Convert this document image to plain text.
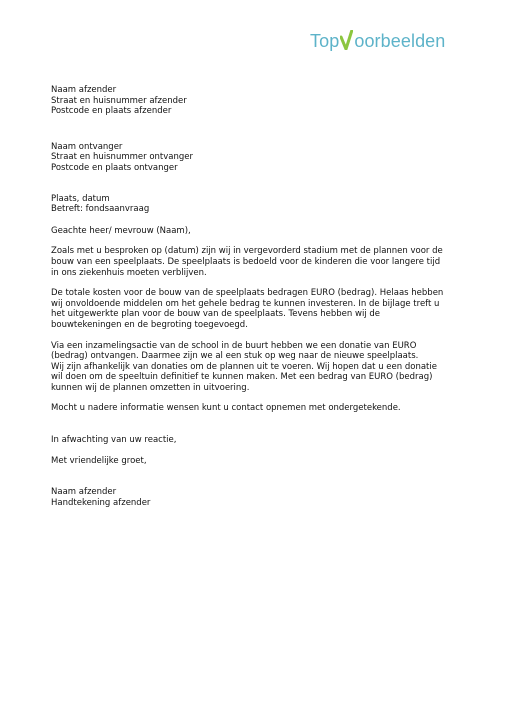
Top oorbeelden

Naam afzender

Straat en huisnummer afzender

Postcode en plaats afzender

Naam ontvanger

Straat en huisnummer ontvanger

Postcode en plaats ontvanger

Plaats, datum

Betreft: fondsaanvraag

Geachte heer/ mevrouw (Naam),

Zoals met u besproken op (datum) zijn wij in vergevorderd stadium met de plannen voor de

bouw van een speelplaats. De speelplaats is bedoeld voor de kinderen die voor langere tijd

in ons ziekenhuis moeten verblijven.

De totale kosten voor de bouw van de speelplaats bedragen EURO (bedrag). Helaas hebben

wij onvoldoende middelen om het gehele bedrag te kunnen investeren. In de bijlage treft u

het uitgewerkte plan voor de bouw van de speelplaats. Tevens hebben wij de

bouwtekeningen en de begroting toegevoegd.

Via een inzamelingsactie van de school in de buurt hebben we een donatie van EURO

(bedrag) ontvangen. Daarmee zijn we al een stuk op weg naar de nieuwe speelplaats.

Wij zijn afhankelijk van donaties om de plannen uit te voeren. Wij hopen dat u een donatie

wil doen om de speeltuin definitief te kunnen maken. Met een bedrag van EURO (bedrag)

kunnen wij de plannen omzetten in uitvoering.

Mocht u nadere informatie wensen kunt u contact opnemen met ondergetekende.

In afwachting van uw reactie,

Met vriendelijke groet,

Naam afzender

Handtekening afzender
